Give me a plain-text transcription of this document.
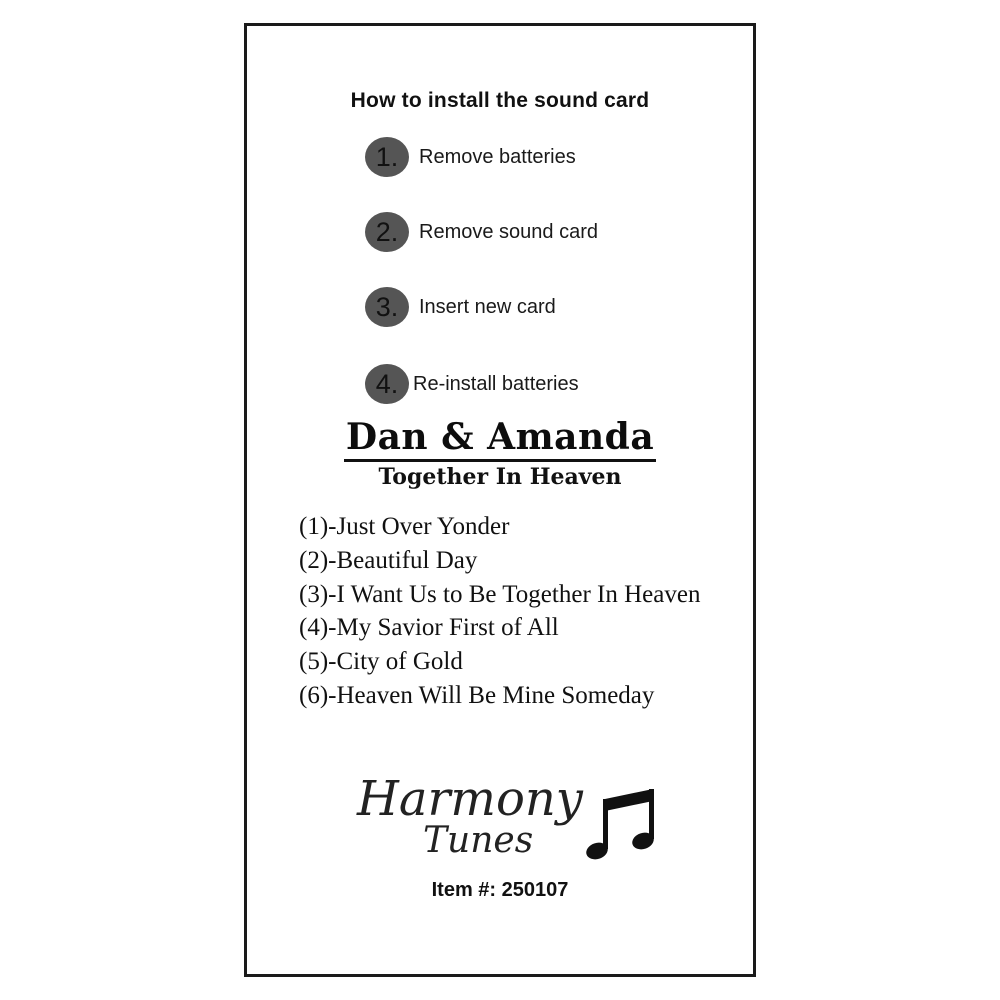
How to install the sound card
1.	Remove batteries
2.	Remove sound card
3.	Insert new card
4. Re-install batteries
Dan & Amanda
Together In Heaven
(1)-Just Over Yonder
(2)-Beautiful Day
(3)-I Want Us to Be Together In Heaven
(4)-My Savior First of All
(5)-City of Gold
(6)-Heaven Will Be Mine Someday
Harmony
Tunes
Item #: 250107
